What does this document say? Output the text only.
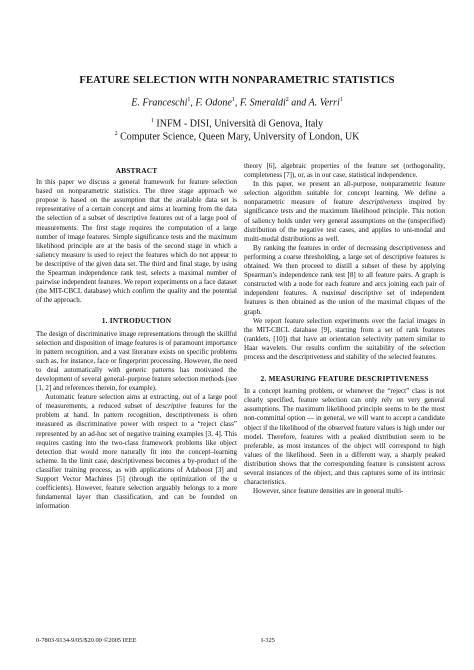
FEATURE SELECTION WITH NONPARAMETRIC STATISTICS
E. Franceschi$^1$, F. Odone$^1$, F. Smeraldi$^2$ and A. Verri$^1$
$^1$ INFM - DISI, Università di Genova, Italy
$^2$ Computer Science, Queen Mary, University of London, UK
ABSTRACT

In this paper we discuss a general framework for feature selection based on nonparametric statistics. The three stage approach we propose is based on the assumption that the available data set is representative of a certain concept and aims at learning from the data the selection of a subset of descriptive features out of a large pool of measurements. The first stage requires the computation of a large number of image features. Simple significance tests and the maximum likelihood principle are at the basis of the second stage in which a saliency measure is used to reject the features which do not appear to be descriptive of the given data set. The third and final stage, by using the Spearman independence rank test, selects a maximal number of pairwise independent features. We report experiments on a face dataset (the MIT-CBCL database) which confirm the quality and the potential of the approach.

1. INTRODUCTION

The design of discriminative image representations through the skillful selection and disposition of image features is of paramount importance in pattern recognition, and a vast literature exists on specific problems such as, for instance, face or fingerprint processing. However, the need to deal automatically with generic patterns has motivated the development of several general–purpose feature selection methods (see [1, 2] and references therein, for example).

Automatic feature selection aims at extracting, out of a large pool of measurements, a reduced subset of descriptive features for the problem at hand. In pattern recognition, descriptiveness is often measured as discriminative power with respect to a “reject class” represented by an ad-hoc set of negative training examples [3, 4]. This requires casting into the two-class framework problems like object detection that would more naturally fit into the concept–learning scheme. In the limit case, descriptiveness becomes a by-product of the classifier training process, as with applications of Adaboost [3] and Support Vector Machines [5] (through the optimization of the α coefficients). However, feature selection arguably belongs to a more fundamental layer than classification, and can be founded on information

theory [6], algebraic properties of the feature set (orthogonality, completeness [7]), or, as in our case, statistical independence.

In this paper, we present an all-purpose, nonparametric feature selection algorithm suitable for concept learning. We define a nonparametric measure of feature descriptiveness inspired by significance tests and the maximum likelihood principle. This notion of saliency holds under very general assumptions on the (unspecified) distribution of the negative test cases, and applies to uni-modal and multi-modal distributions as well.

By ranking the features in order of decreasing descriptiveness and performing a coarse thresholding, a large set of descriptive features is obtained. We then proceed to distill a subset of these by applying Spearman’s independence rank test [8] to all feature pairs. A graph is constructed with a node for each feature and arcs joining each pair of independent features. A maximal descriptive set of independent features is then obtained as the union of the maximal cliques of the graph.

We report feature selection experiments over the facial images in the MIT-CBCL database [9], starting from a set of rank features (ranklets, [10]) that have an orientation selectivity pattern similar to Haar wavelets. Our results confirm the suitability of the selection process and the descriptiveness and stability of the selected features.

2. MEASURING FEATURE DESCRIPTIVENESS

In a concept learning problem, or whenever the “reject” class is not clearly specified, feature selection can only rely on very general assumptions. The maximum likelihood principle seems to be the most non-committal option — in general, we will want to accept a candidate object if the likelihood of the observed feature values is high under our model. Therefore, features with a peaked distribution seem to be preferable, as most instances of the object will correspond to high values of the likelihood. Seen in a different way, a sharply peaked distribution shows that the corresponding feature is consistent across several instances of the object, and thus captures some of its intrinsic characteristics.

However, since feature densities are in general multi-

0-7803-9134-9/05/$20.00 ©2005 IEEE	I-325
